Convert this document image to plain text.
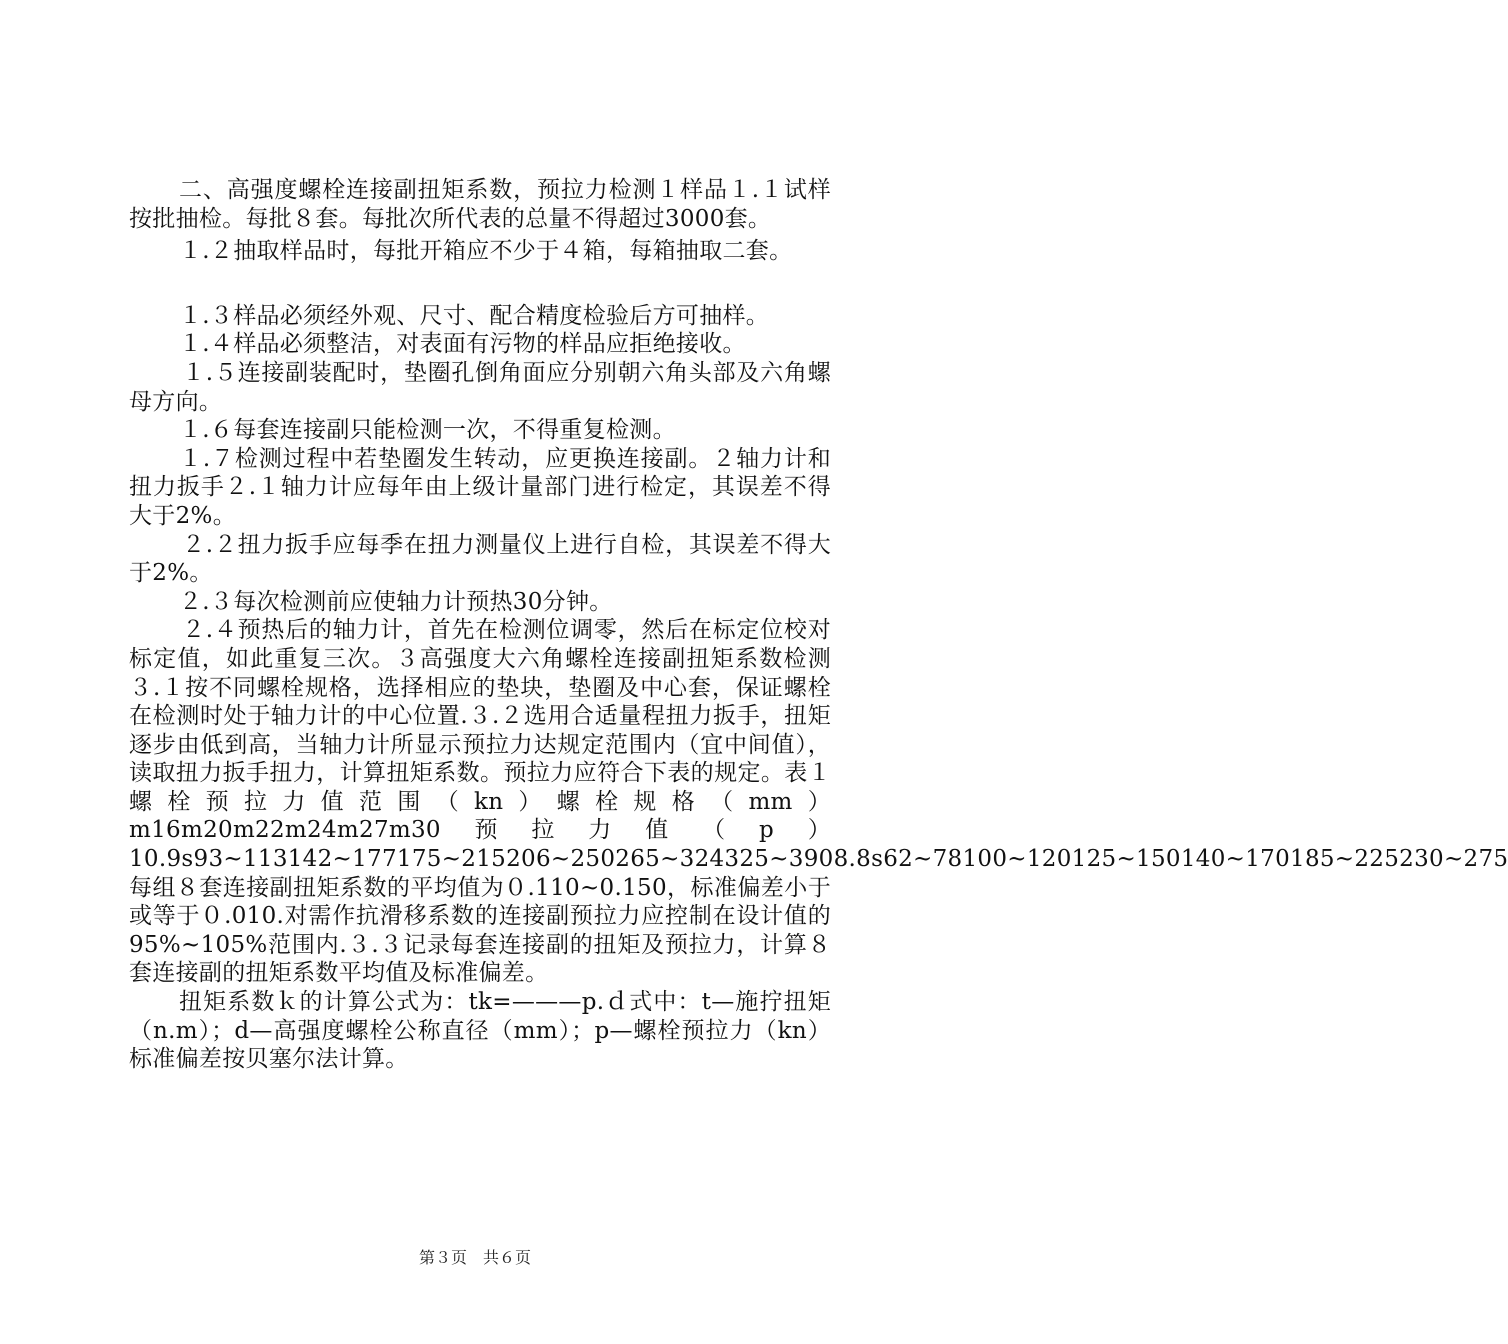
二、高强度螺栓连接副扭矩系数，预拉力检测１样品１.１试样按批抽检。每批８套。每批次所代表的总量不得超过3000套。

１.２抽取样品时，每批开箱应不少于４箱，每箱抽取二套。

１.３样品必须经外观、尺寸、配合精度检验后方可抽样。

１.４样品必须整洁，对表面有污物的样品应拒绝接收。

１.５连接副装配时，垫圈孔倒角面应分别朝六角头部及六角螺母方向。

１.６每套连接副只能检测一次，不得重复检测。

１.７检测过程中若垫圈发生转动，应更换连接副。２轴力计和扭力扳手２.１轴力计应每年由上级计量部门进行检定，其误差不得大于2%。

２.２扭力扳手应每季在扭力测量仪上进行自检，其误差不得大于2%。

２.３每次检测前应使轴力计预热30分钟。

２.４预热后的轴力计，首先在检测位调零，然后在标定位校对标定值，如此重复三次。３高强度大六角螺栓连接副扭矩系数检测３.１按不同螺栓规格，选择相应的垫块，垫圈及中心套，保证螺栓在检测时处于轴力计的中心位置.３.２选用合适量程扭力扳手，扭矩逐步由低到高，当轴力计所显示预拉力达规定范围内（宜中间值），读取扭力扳手扭力，计算扭矩系数。预拉力应符合下表的规定。表１螺栓预拉力值范围（kn）螺栓规格（mm）m16m20m22m24m27m30预拉力值（p）10.9s93~113142~177175~215206~250265~324325~3908.8s62~78100~120125~150140~170185~225230~275每组８套连接副扭矩系数的平均值为０.110~0.150，标准偏差小于或等于０.010.对需作抗滑移系数的连接副预拉力应控制在设计值的95%~105%范围内.３.３记录每套连接副的扭矩及预拉力，计算８套连接副的扭矩系数平均值及标准偏差。

扭矩系数ｋ的计算公式为：tk=———p.ｄ式中：t—施拧扭矩（n.m）；d—高强度螺栓公称直径（mm）；p—螺栓预拉力（kn）标准偏差按贝塞尔法计算。

第３页　共６页
